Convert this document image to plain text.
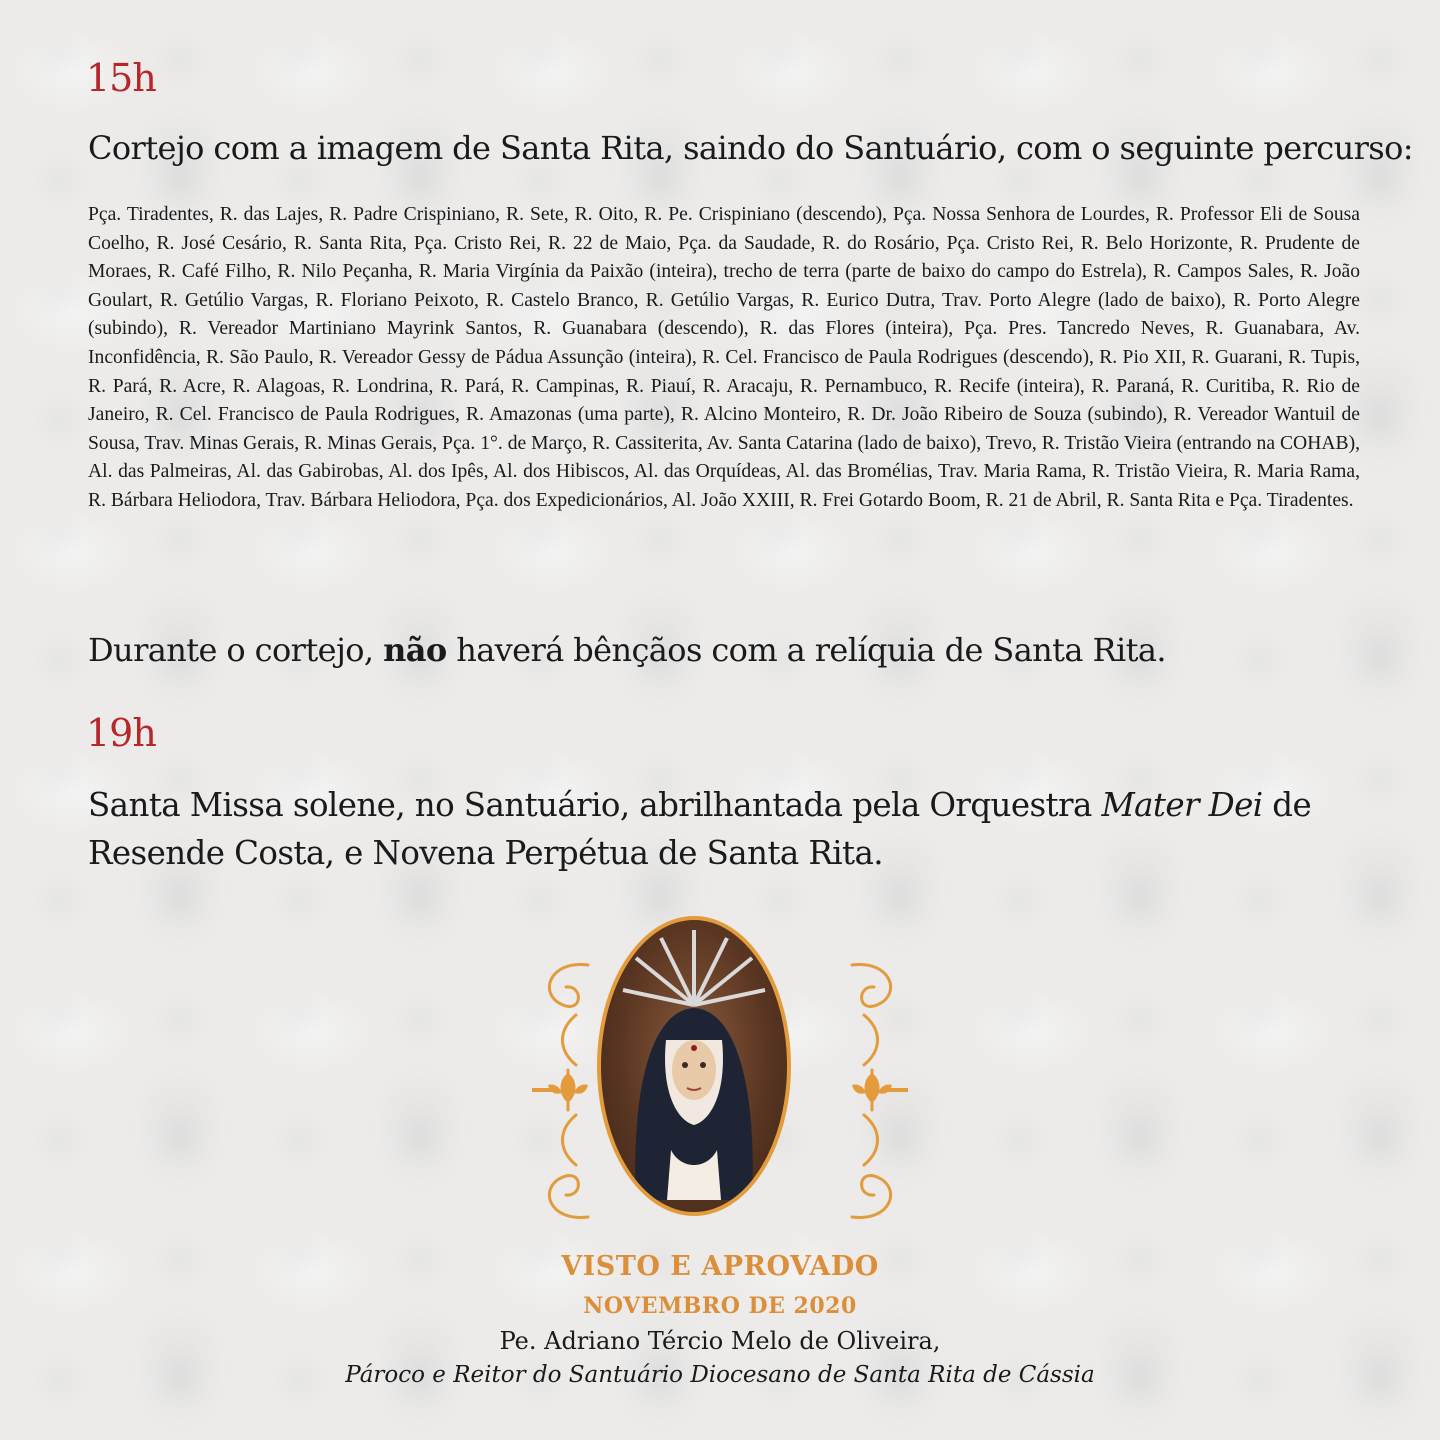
15h
Cortejo com a imagem de Santa Rita, saindo do Santuário, com o seguinte percurso:
Pça. Tiradentes, R. das Lajes, R. Padre Crispiniano, R. Sete, R. Oito, R. Pe. Crispiniano (descendo), Pça. Nossa Senhora de Lourdes, R. Professor Eli de Sousa Coelho, R. José Cesário, R. Santa Rita, Pça. Cristo Rei, R. 22 de Maio, Pça. da Saudade, R. do Rosário, Pça. Cristo Rei, R. Belo Horizonte, R. Prudente de Moraes, R. Café Filho, R. Nilo Peçanha, R. Maria Virgínia da Paixão (inteira), trecho de terra (parte de baixo do campo do Estrela), R. Campos Sales, R. João Goulart, R. Getúlio Vargas, R. Floriano Peixoto, R. Castelo Branco, R. Getúlio Vargas, R. Eurico Dutra, Trav. Porto Alegre (lado de baixo), R. Porto Alegre (subindo), R. Vereador Martiniano Mayrink Santos, R. Guanabara (descendo), R. das Flores (inteira), Pça. Pres. Tancredo Neves, R. Guanabara, Av. Inconfidência, R. São Paulo, R. Vereador Gessy de Pádua Assunção (inteira), R. Cel. Francisco de Paula Rodrigues (descendo), R. Pio XII, R. Guarani, R. Tupis, R. Pará, R. Acre, R. Alagoas, R. Londrina, R. Pará, R. Campinas, R. Piauí, R. Aracaju, R. Pernambuco, R. Recife (inteira), R. Paraná, R. Curitiba, R. Rio de Janeiro, R. Cel. Francisco de Paula Rodrigues, R. Amazonas (uma parte), R. Alcino Monteiro, R. Dr. João Ribeiro de Souza (subindo), R. Vereador Wantuil de Sousa, Trav. Minas Gerais, R. Minas Gerais, Pça. 1°. de Março, R. Cassiterita, Av. Santa Catarina (lado de baixo), Trevo, R. Tristão Vieira (entrando na COHAB), Al. das Palmeiras, Al. das Gabirobas, Al. dos Ipês, Al. dos Hibiscos, Al. das Orquídeas, Al. das Bromélias, Trav. Maria Rama, R. Tristão Vieira, R. Maria Rama, R. Bárbara Heliodora, Trav. Bárbara Heliodora, Pça. dos Expedicionários, Al. João XXIII, R. Frei Gotardo Boom, R. 21 de Abril, R. Santa Rita e Pça. Tiradentes.
Durante o cortejo, não haverá bênçãos com a relíquia de Santa Rita.
19h
Santa Missa solene, no Santuário, abrilhantada pela Orquestra Mater Dei de Resende Costa, e Novena Perpétua de Santa Rita.
VISTO E APROVADO
NOVEMBRO DE 2020
Pe. Adriano Tércio Melo de Oliveira,
Pároco e Reitor do Santuário Diocesano de Santa Rita de Cássia
